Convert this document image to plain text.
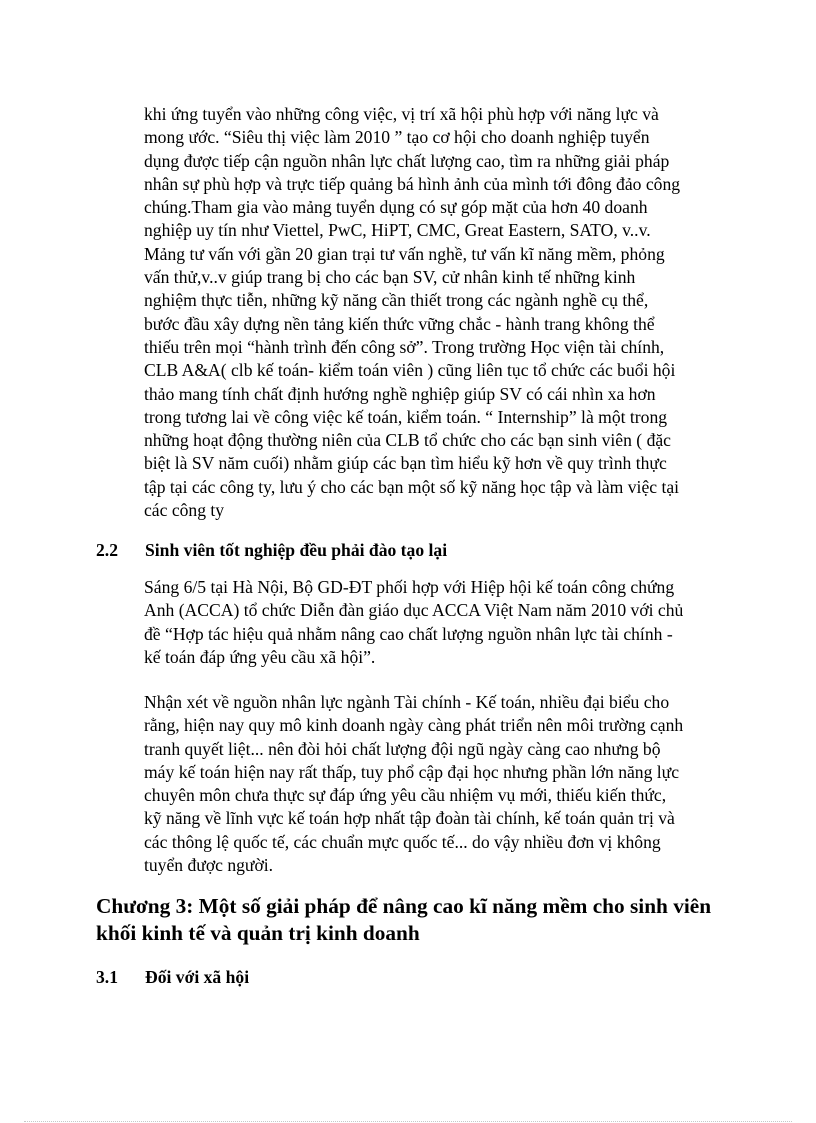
khi ứng tuyển vào những công việc, vị trí xã hội phù hợp với năng lực và
mong ước. “Siêu thị việc làm 2010 ” tạo cơ hội cho doanh nghiệp tuyển
dụng được tiếp cận nguồn nhân lực chất lượng cao, tìm ra những giải pháp
nhân sự phù hợp và trực tiếp quảng bá hình ảnh của mình tới đông đảo công
chúng.Tham gia vào mảng tuyển dụng có sự góp mặt của hơn 40 doanh
nghiệp uy tín như Viettel, PwC, HiPT, CMC, Great Eastern, SATO, v..v.
Mảng tư vấn với gần 20 gian trại tư vấn nghề, tư vấn kĩ năng mềm, phỏng
vấn thử,v..v giúp trang bị cho các bạn SV, cử nhân kinh tế những kinh
nghiệm thực tiễn, những kỹ năng cần thiết trong các ngành nghề cụ thể,
bước đầu xây dựng nền tảng kiến thức vững chắc - hành trang không thể
thiếu trên mọi “hành trình đến công sở”. Trong trường Học viện tài chính,
CLB A&A( clb kế toán- kiểm toán viên ) cũng liên tục tổ chức các buổi hội
thảo mang tính chất định hướng nghề nghiệp giúp SV có cái nhìn xa hơn
trong tương lai về công việc kế toán, kiểm toán. “ Internship” là một trong
những hoạt động thường niên của CLB tổ chức cho các bạn sinh viên ( đặc
biệt là SV năm cuối) nhằm giúp các bạn tìm hiểu kỹ hơn về quy trình thực
tập tại các công ty, lưu ý cho các bạn một số kỹ năng học tập và làm việc tại
các công ty
2.2 Sinh viên tốt nghiệp đều phải đào tạo lại
Sáng 6/5 tại Hà Nội, Bộ GD-ĐT phối hợp với Hiệp hội kế toán công chứng
Anh (ACCA) tổ chức Diễn đàn giáo dục ACCA Việt Nam năm 2010 với chủ
đề “Hợp tác hiệu quả nhằm nâng cao chất lượng nguồn nhân lực tài chính -
kế toán đáp ứng yêu cầu xã hội”.
Nhận xét về nguồn nhân lực ngành Tài chính - Kế toán, nhiều đại biểu cho
rằng, hiện nay quy mô kinh doanh ngày càng phát triển nên môi trường cạnh
tranh quyết liệt... nên đòi hỏi chất lượng đội ngũ ngày càng cao nhưng bộ
máy kế toán hiện nay rất thấp, tuy phổ cập đại học nhưng phần lớn năng lực
chuyên môn chưa thực sự đáp ứng yêu cầu nhiệm vụ mới, thiếu kiến thức,
kỹ năng về lĩnh vực kế toán hợp nhất tập đoàn tài chính, kế toán quản trị và
các thông lệ quốc tế, các chuẩn mực quốc tế... do vậy nhiều đơn vị không
tuyển được người.
Chương 3: Một số giải pháp để nâng cao kĩ năng mềm cho sinh viên
khối kinh tế và quản trị kinh doanh
3.1 Đối với xã hội
